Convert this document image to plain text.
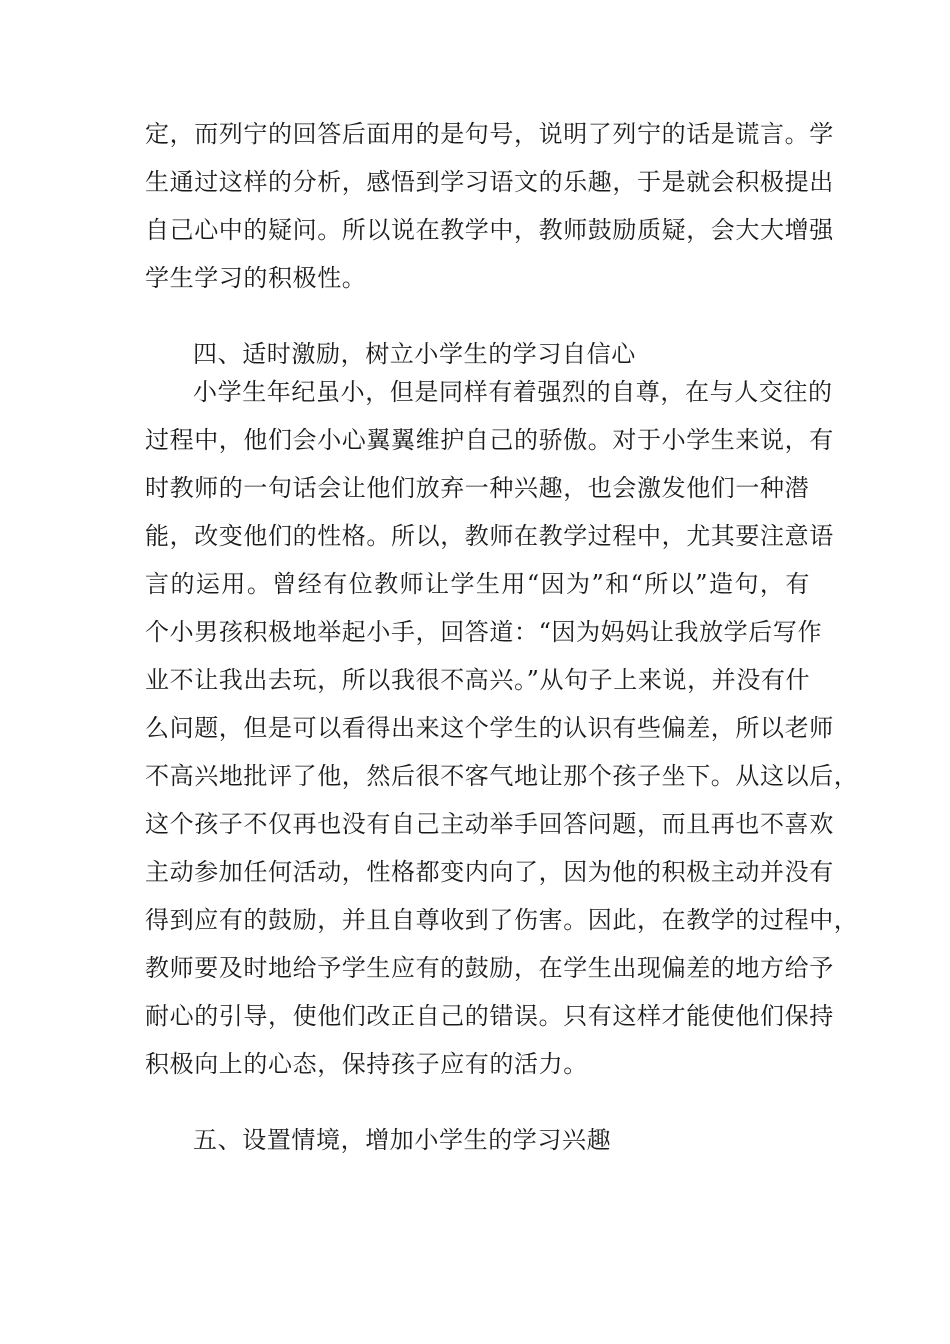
定，而列宁的回答后面用的是句号，说明了列宁的话是谎言。学
生通过这样的分析，感悟到学习语文的乐趣，于是就会积极提出
自己心中的疑问。所以说在教学中，教师鼓励质疑，会大大增强
学生学习的积极性。
四、适时激励，树立小学生的学习自信心
小学生年纪虽小，但是同样有着强烈的自尊，在与人交往的
过程中，他们会小心翼翼维护自己的骄傲。对于小学生来说，有
时教师的一句话会让他们放弃一种兴趣，也会激发他们一种潜
能，改变他们的性格。所以，教师在教学过程中，尤其要注意语
言的运用。曾经有位教师让学生用“因为”和“所以”造句，有
个小男孩积极地举起小手，回答道：“因为妈妈让我放学后写作
业不让我出去玩，所以我很不高兴。”从句子上来说，并没有什
么问题，但是可以看得出来这个学生的认识有些偏差，所以老师
不高兴地批评了他，然后很不客气地让那个孩子坐下。从这以后，
这个孩子不仅再也没有自己主动举手回答问题，而且再也不喜欢
主动参加任何活动，性格都变内向了，因为他的积极主动并没有
得到应有的鼓励，并且自尊收到了伤害。因此，在教学的过程中，
教师要及时地给予学生应有的鼓励，在学生出现偏差的地方给予
耐心的引导，使他们改正自己的错误。只有这样才能使他们保持
积极向上的心态，保持孩子应有的活力。
五、设置情境，增加小学生的学习兴趣
